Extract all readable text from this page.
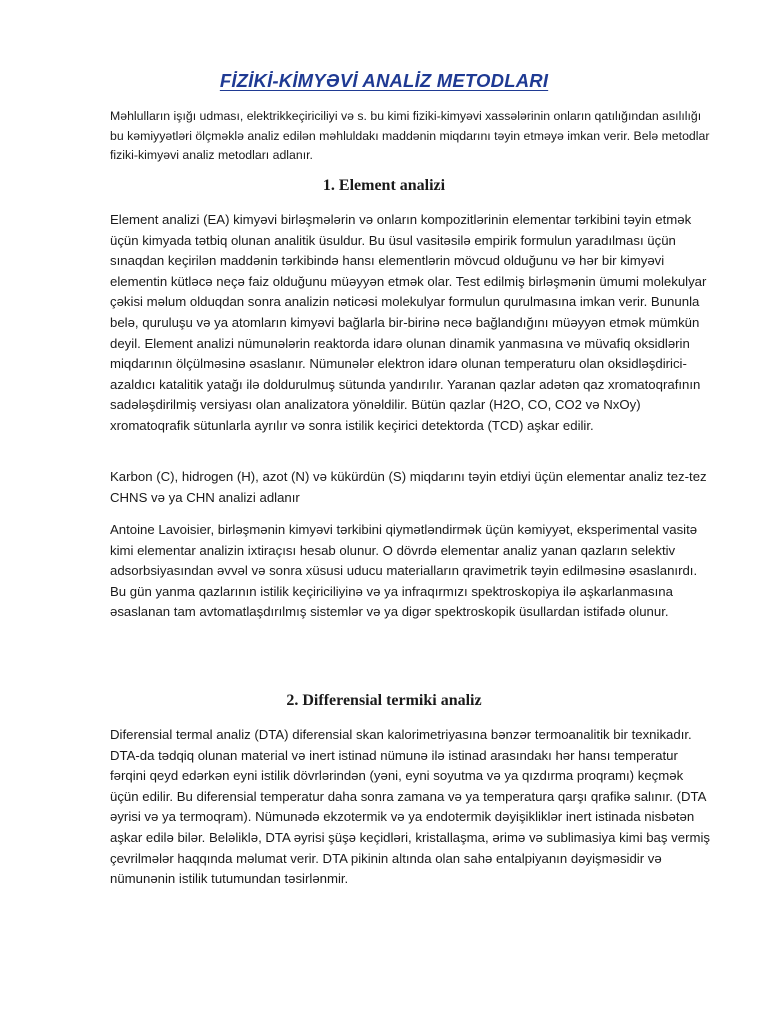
FİZİKİ-KİMYƏVİ ANALİZ METODLARI

Məhlulların işığı udması, elektrikkeçiriciliyi və s. bu kimi fiziki-kimyəvi xassələrinin onların qatılığından asılılığı bu kəmiyyətləri ölçməklə analiz edilən məhluldakı maddənin miqdarını təyin etməyə imkan verir. Belə metodlar fiziki-kimyəvi analiz metodları adlanır.

1. Element analizi

Element analizi (EA) kimyəvi birləşmələrin və onların kompozitlərinin elementar tərkibini təyin etmək üçün kimyada tətbiq olunan analitik üsuldur. Bu üsul vasitəsilə empirik formulun yaradılması üçün sınaqdan keçirilən maddənin tərkibində hansı elementlərin mövcud olduğunu və hər bir kimyəvi elementin kütləcə neçə faiz olduğunu müəyyən etmək olar. Test edilmiş birləşmənin ümumi molekulyar çəkisi məlum olduqdan sonra analizin nəticəsi molekulyar formulun qurulmasına imkan verir. Bununla belə, quruluşu və ya atomların kimyəvi bağlarla bir-birinə necə bağlandığını müəyyən etmək mümkün deyil. Element analizi nümunələrin reaktorda idarə olunan dinamik yanmasına və müvafiq oksidlərin miqdarının ölçülməsinə əsaslanır. Nümunələr elektron idarə olunan temperaturu olan oksidləşdirici-azaldıcı katalitik yatağı ilə doldurulmuş sütunda yandırılır. Yaranan qazlar adətən qaz xromatoqrafının sadələşdirilmiş versiyası olan analizatora yönəldilir. Bütün qazlar (H2O, CO, CO2 və NxOy) xromatoqrafik sütunlarla ayrılır və sonra istilik keçirici detektorda (TCD) aşkar edilir.

Karbon (C), hidrogen (H), azot (N) və kükürdün (S) miqdarını təyin etdiyi üçün elementar analiz tez-tez CHNS və ya CHN analizi adlanır

Antoine Lavoisier, birləşmənin kimyəvi tərkibini qiymətləndirmək üçün kəmiyyət, eksperimental vasitə kimi elementar analizin ixtiraçısı hesab olunur. O dövrdə elementar analiz yanan qazların selektiv adsorbsiyasından əvvəl və sonra xüsusi uducu materialların qravimetrik təyin edilməsinə əsaslanırdı. Bu gün yanma qazlarının istilik keçiriciliyinə və ya infraqırmızı spektroskopiya ilə aşkarlanmasına əsaslanan tam avtomatlaşdırılmış sistemlər və ya digər spektroskopik üsullardan istifadə olunur.

2. Differensial termiki analiz

Diferensial termal analiz (DTA) diferensial skan kalorimetriyasına bənzər termoanalitik bir texnikadır. DTA-da tədqiq olunan material və inert istinad nümunə ilə istinad arasındakı hər hansı temperatur fərqini qeyd edərkən eyni istilik dövrlərindən (yəni, eyni soyutma və ya qızdırma proqramı) keçmək üçün edilir. Bu diferensial temperatur daha sonra zamana və ya temperatura qarşı qrafikə salınır. (DTA əyrisi və ya termoqram). Nümunədə ekzotermik və ya endotermik dəyişikliklər inert istinada nisbətən aşkar edilə bilər. Beləliklə, DTA əyrisi şüşə keçidləri, kristallaşma, ərimə və sublimasiya kimi baş vermiş çevrilmələr haqqında məlumat verir. DTA pikinin altında olan sahə entalpiyanın dəyişməsidir və nümunənin istilik tutumundan təsirlənmir.
